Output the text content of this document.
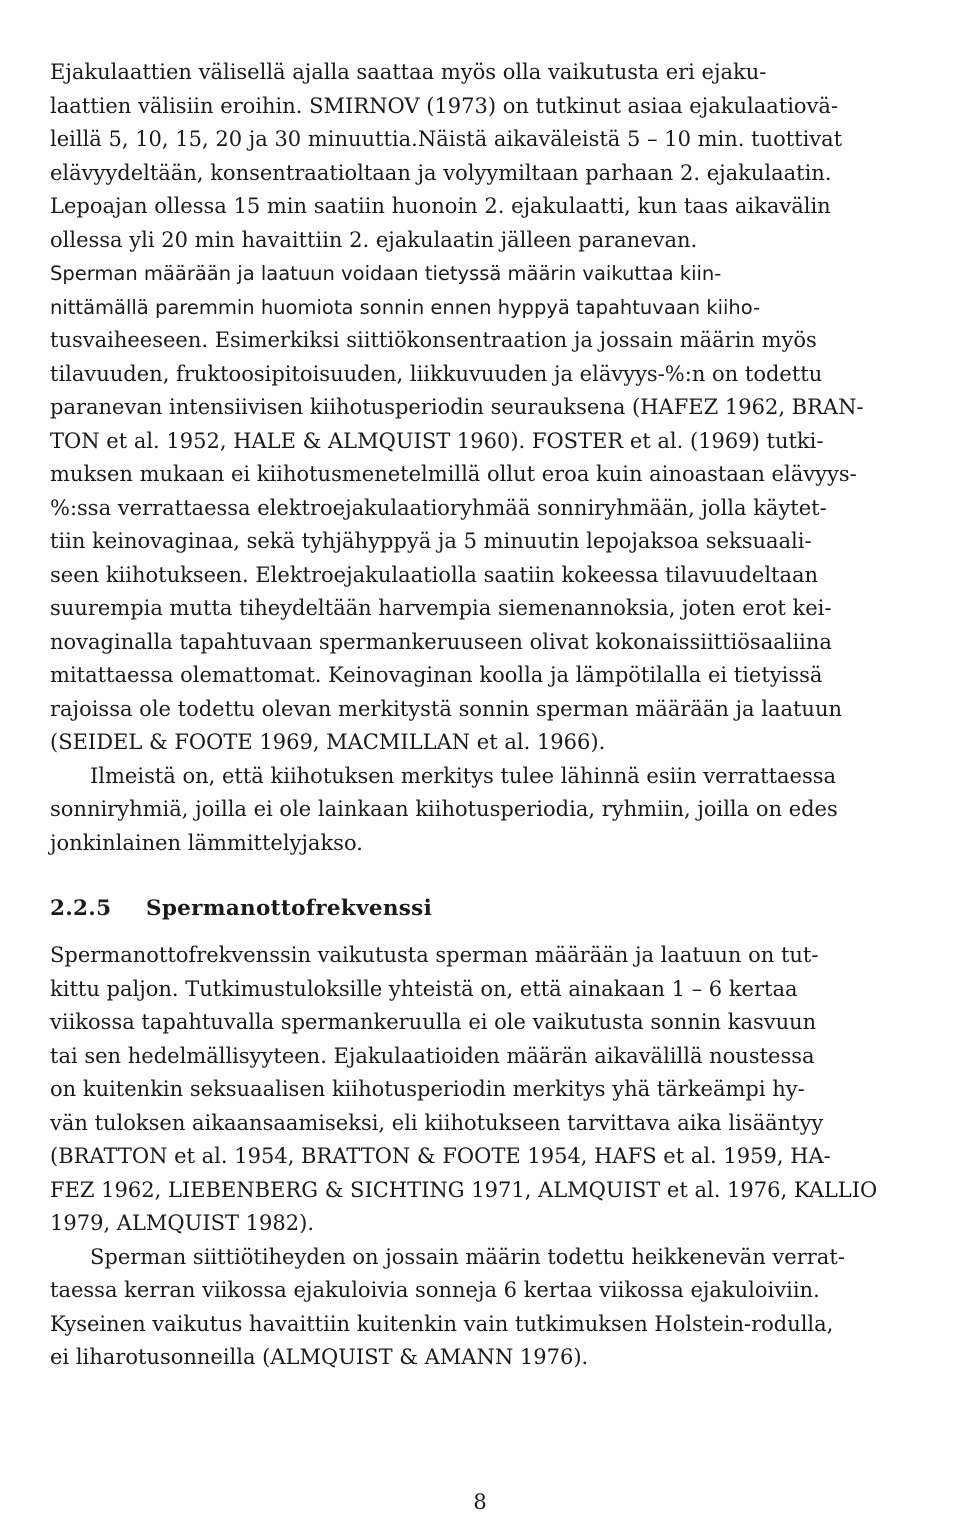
Ejakulaattien välisellä ajalla saattaa myös olla vaikutusta eri ejaku-
laattien välisiin eroihin. SMIRNOV (1973) on tutkinut asiaa ejakulaatiovä-
leillä 5, 10, 15, 20 ja 30 minuuttia.Näistä aikaväleistä 5 – 10 min. tuottivat
elävyydeltään, konsentraatioltaan ja volyymiltaan parhaan 2. ejakulaatin.
Lepoajan ollessa 15 min saatiin huonoin 2. ejakulaatti, kun taas aikavälin
ollessa yli 20 min havaittiin 2. ejakulaatin jälleen paranevan.
Sperman määrään ja laatuun voidaan tietyssä määrin vaikuttaa kiin-
nittämällä paremmin huomiota sonnin ennen hyppyä tapahtuvaan kiiho-
tusvaiheeseen. Esimerkiksi siittiökonsentraation ja jossain määrin myös
tilavuuden, fruktoosipitoisuuden, liikkuvuuden ja elävyys-%:n on todettu
paranevan intensiivisen kiihotusperiodin seurauksena (HAFEZ 1962, BRAN-
TON et al. 1952, HALE & ALMQUIST 1960). FOSTER et al. (1969) tutki-
muksen mukaan ei kiihotusmenetelmillä ollut eroa kuin ainoastaan elävyys-
%:ssa verrattaessa elektroejakulaatioryhmää sonniryhmään, jolla käytet-
tiin keinovaginaa, sekä tyhjähyppyä ja 5 minuutin lepojaksoa seksuaali-
seen kiihotukseen. Elektroejakulaatiolla saatiin kokeessa tilavuudeltaan
suurempia mutta tiheydeltään harvempia siemenannoksia, joten erot kei-
novaginalla tapahtuvaan spermankeruuseen olivat kokonaissiittiösaaliina
mitattaessa olemattomat. Keinovaginan koolla ja lämpötilalla ei tietyissä
rajoissa ole todettu olevan merkitystä sonnin sperman määrään ja laatuun
(SEIDEL & FOOTE 1969, MACMILLAN et al. 1966).
Ilmeistä on, että kiihotuksen merkitys tulee lähinnä esiin verrattaessa
sonniryhmiä, joilla ei ole lainkaan kiihotusperiodia, ryhmiin, joilla on edes
jonkinlainen lämmittelyjakso.
2.2.5 Spermanottofrekvenssi
Spermanottofrekvenssin vaikutusta sperman määrään ja laatuun on tut-
kittu paljon. Tutkimustuloksille yhteistä on, että ainakaan 1 – 6 kertaa
viikossa tapahtuvalla spermankeruulla ei ole vaikutusta sonnin kasvuun
tai sen hedelmällisyyteen. Ejakulaatioiden määrän aikavälillä noustessa
on kuitenkin seksuaalisen kiihotusperiodin merkitys yhä tärkeämpi hy-
vän tuloksen aikaansaamiseksi, eli kiihotukseen tarvittava aika lisääntyy
(BRATTON et al. 1954, BRATTON & FOOTE 1954, HAFS et al. 1959, HA-
FEZ 1962, LIEBENBERG & SICHTING 1971, ALMQUIST et al. 1976, KALLIO
1979, ALMQUIST 1982).
Sperman siittiötiheyden on jossain määrin todettu heikkenevän verrat-
taessa kerran viikossa ejakuloivia sonneja 6 kertaa viikossa ejakuloiviin.
Kyseinen vaikutus havaittiin kuitenkin vain tutkimuksen Holstein-rodulla,
ei liharotusonneilla (ALMQUIST & AMANN 1976).
8
